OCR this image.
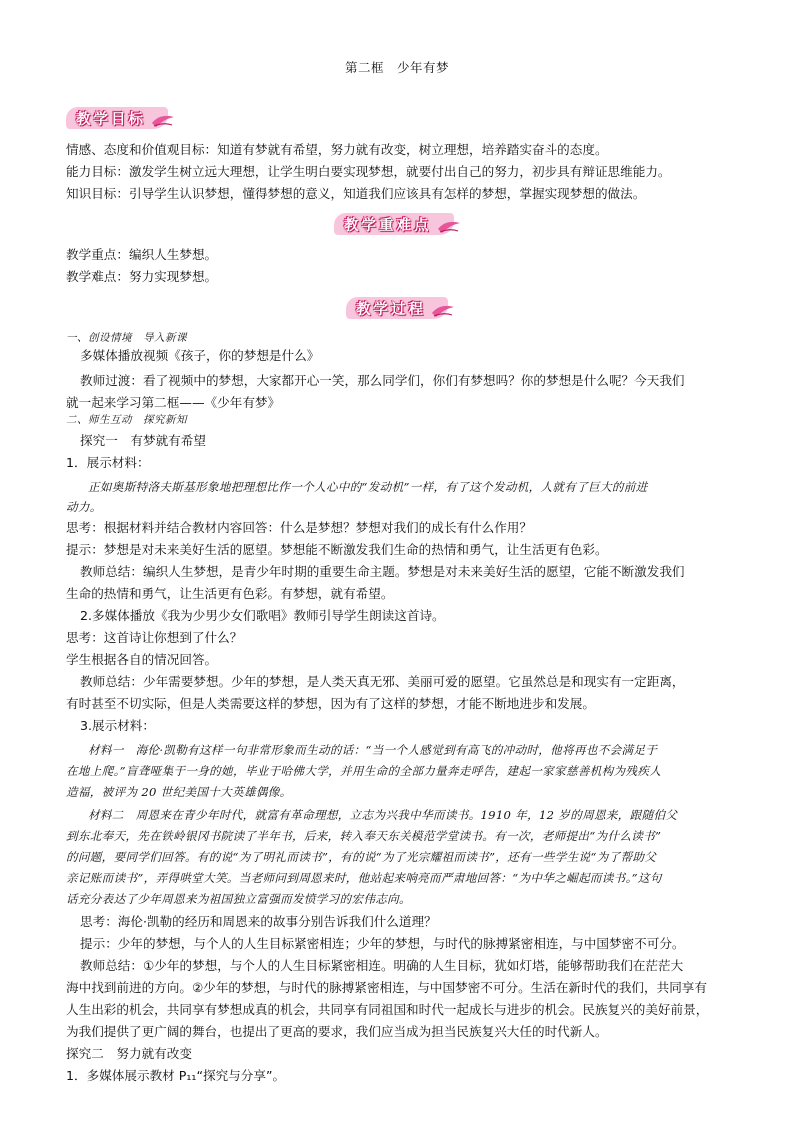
第二框　少年有梦
教学目标
情感、态度和价值观目标：知道有梦就有希望，努力就有改变，树立理想，培养踏实奋斗的态度。
能力目标：激发学生树立远大理想，让学生明白要实现梦想，就要付出自己的努力，初步具有辩证思维能力。
知识目标：引导学生认识梦想，懂得梦想的意义，知道我们应该具有怎样的梦想，掌握实现梦想的做法。
教学重难点
教学重点：编织人生梦想。
教学难点：努力实现梦想。
教学过程
一、创设情境　导入新课
多媒体播放视频《孩子，你的梦想是什么》
教师过渡：看了视频中的梦想，大家都开心一笑，那么同学们，你们有梦想吗？你的梦想是什么呢？今天我们
就一起来学习第二框——《少年有梦》
二、师生互动　探究新知
探究一　有梦就有希望
1．展示材料：
正如奥斯特洛夫斯基形象地把理想比作一个人心中的“发动机”一样，有了这个发动机，人就有了巨大的前进
动力。
思考：根据材料并结合教材内容回答：什么是梦想？梦想对我们的成长有什么作用？
提示：梦想是对未来美好生活的愿望。梦想能不断激发我们生命的热情和勇气，让生活更有色彩。
教师总结：编织人生梦想，是青少年时期的重要生命主题。梦想是对未来美好生活的愿望，它能不断激发我们
生命的热情和勇气，让生活更有色彩。有梦想，就有希望。
2.多媒体播放《我为少男少女们歌唱》教师引导学生朗读这首诗。
思考：这首诗让你想到了什么？
学生根据各自的情况回答。
教师总结：少年需要梦想。少年的梦想，是人类天真无邪、美丽可爱的愿望。它虽然总是和现实有一定距离，
有时甚至不切实际，但是人类需要这样的梦想，因为有了这样的梦想，才能不断地进步和发展。
3.展示材料：
材料一　海伦·凯勒有这样一句非常形象而生动的话：“当一个人感觉到有高飞的冲动时，他将再也不会满足于
在地上爬。”盲聋哑集于一身的她，毕业于哈佛大学，并用生命的全部力量奔走呼告，建起一家家慈善机构为残疾人
造福，被评为 20 世纪美国十大英雄偶像。
材料二　周恩来在青少年时代，就富有革命理想，立志为兴我中华而读书。1910 年，12 岁的周恩来，跟随伯父
到东北奉天，先在铁岭银冈书院读了半年书，后来，转入奉天东关模范学堂读书。有一次，老师提出“为什么读书”
的问题，要同学们回答。有的说“为了明礼而读书”，有的说“为了光宗耀祖而读书”，还有一些学生说“为了帮助父
亲记账而读书”，弄得哄堂大笑。当老师问到周恩来时，他站起来响亮而严肃地回答：“为中华之崛起而读书。”这句
话充分表达了少年周恩来为祖国独立富强而发愤学习的宏伟志向。
思考：海伦·凯勒的经历和周恩来的故事分别告诉我们什么道理？
提示：少年的梦想，与个人的人生目标紧密相连；少年的梦想，与时代的脉搏紧密相连，与中国梦密不可分。
教师总结：①少年的梦想，与个人的人生目标紧密相连。明确的人生目标，犹如灯塔，能够帮助我们在茫茫大
海中找到前进的方向。②少年的梦想，与时代的脉搏紧密相连，与中国梦密不可分。生活在新时代的我们，共同享有
人生出彩的机会，共同享有梦想成真的机会，共同享有同祖国和时代一起成长与进步的机会。民族复兴的美好前景，
为我们提供了更广阔的舞台，也提出了更高的要求，我们应当成为担当民族复兴大任的时代新人。
探究二　努力就有改变
1．多媒体展示教材 P₁₁“探究与分享”。
